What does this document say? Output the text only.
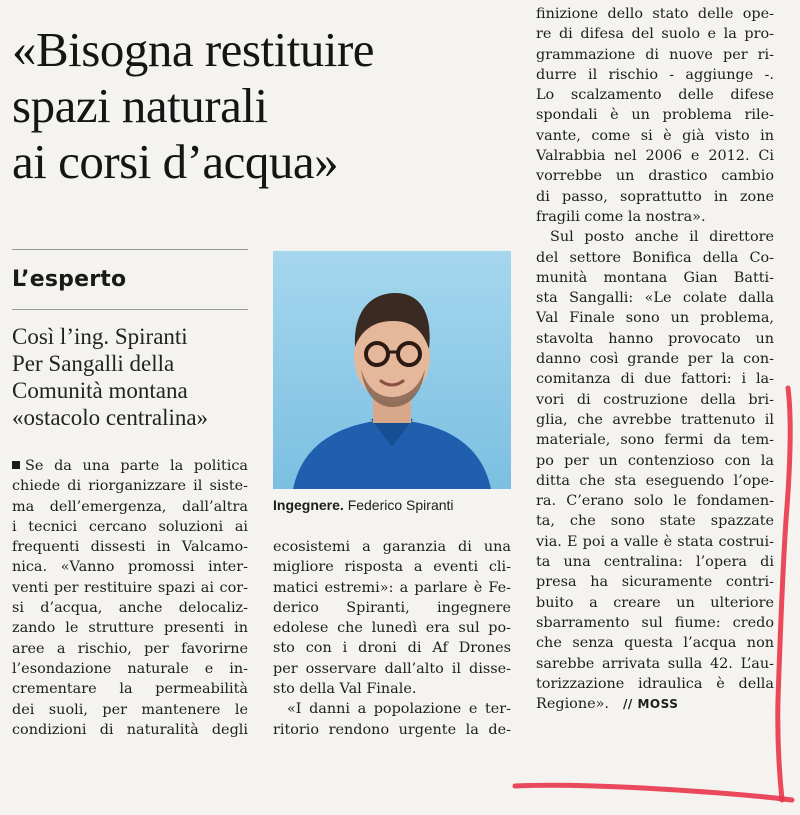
«Bisogna restituire
spazi naturali
ai corsi d’acqua»
L’esperto
Così l’ing. Spiranti
Per Sangalli della
Comunità montana
«ostacolo centralina»
Se da una parte la politica
chiede di riorganizzare il siste-
ma dell’emergenza, dall’altra
i tecnici cercano soluzioni ai
frequenti dissesti in Valcamo-
nica. «Vanno promossi inter-
venti per restituire spazi ai cor-
si d’acqua, anche delocaliz-
zando le strutture presenti in
aree a rischio, per favorirne
l’esondazione naturale e in-
crementare la permeabilità
dei suoli, per mantenere le
condizioni di naturalità degli
Ingegnere. Federico Spiranti
ecosistemi a garanzia di una
migliore risposta a eventi cli-
matici estremi»: a parlare è Fe-
derico Spiranti, ingegnere
edolese che lunedì era sul po-
sto con i droni di Af Drones
per osservare dall’alto il disse-
sto della Val Finale.
«I danni a popolazione e ter-
ritorio rendono urgente la de-
finizione dello stato delle ope-
re di difesa del suolo e la pro-
grammazione di nuove per ri-
durre il rischio - aggiunge -.
Lo scalzamento delle difese
spondali è un problema rile-
vante, come si è già visto in
Valrabbia nel 2006 e 2012. Ci
vorrebbe un drastico cambio
di passo, soprattutto in zone
fragili come la nostra».
Sul posto anche il direttore
del settore Bonifica della Co-
munità montana Gian Batti-
sta Sangalli: «Le colate dalla
Val Finale sono un problema,
stavolta hanno provocato un
danno così grande per la con-
comitanza di due fattori: i la-
vori di costruzione della bri-
glia, che avrebbe trattenuto il
materiale, sono fermi da tem-
po per un contenzioso con la
ditta che sta eseguendo l’ope-
ra. C’erano solo le fondamen-
ta, che sono state spazzate
via. E poi a valle è stata costrui-
ta una centralina: l’opera di
presa ha sicuramente contri-
buito a creare un ulteriore
sbarramento sul fiume: credo
che senza questa l’acqua non
sarebbe arrivata sulla 42. L’au-
torizzazione idraulica è della
Regione». // MOSS
